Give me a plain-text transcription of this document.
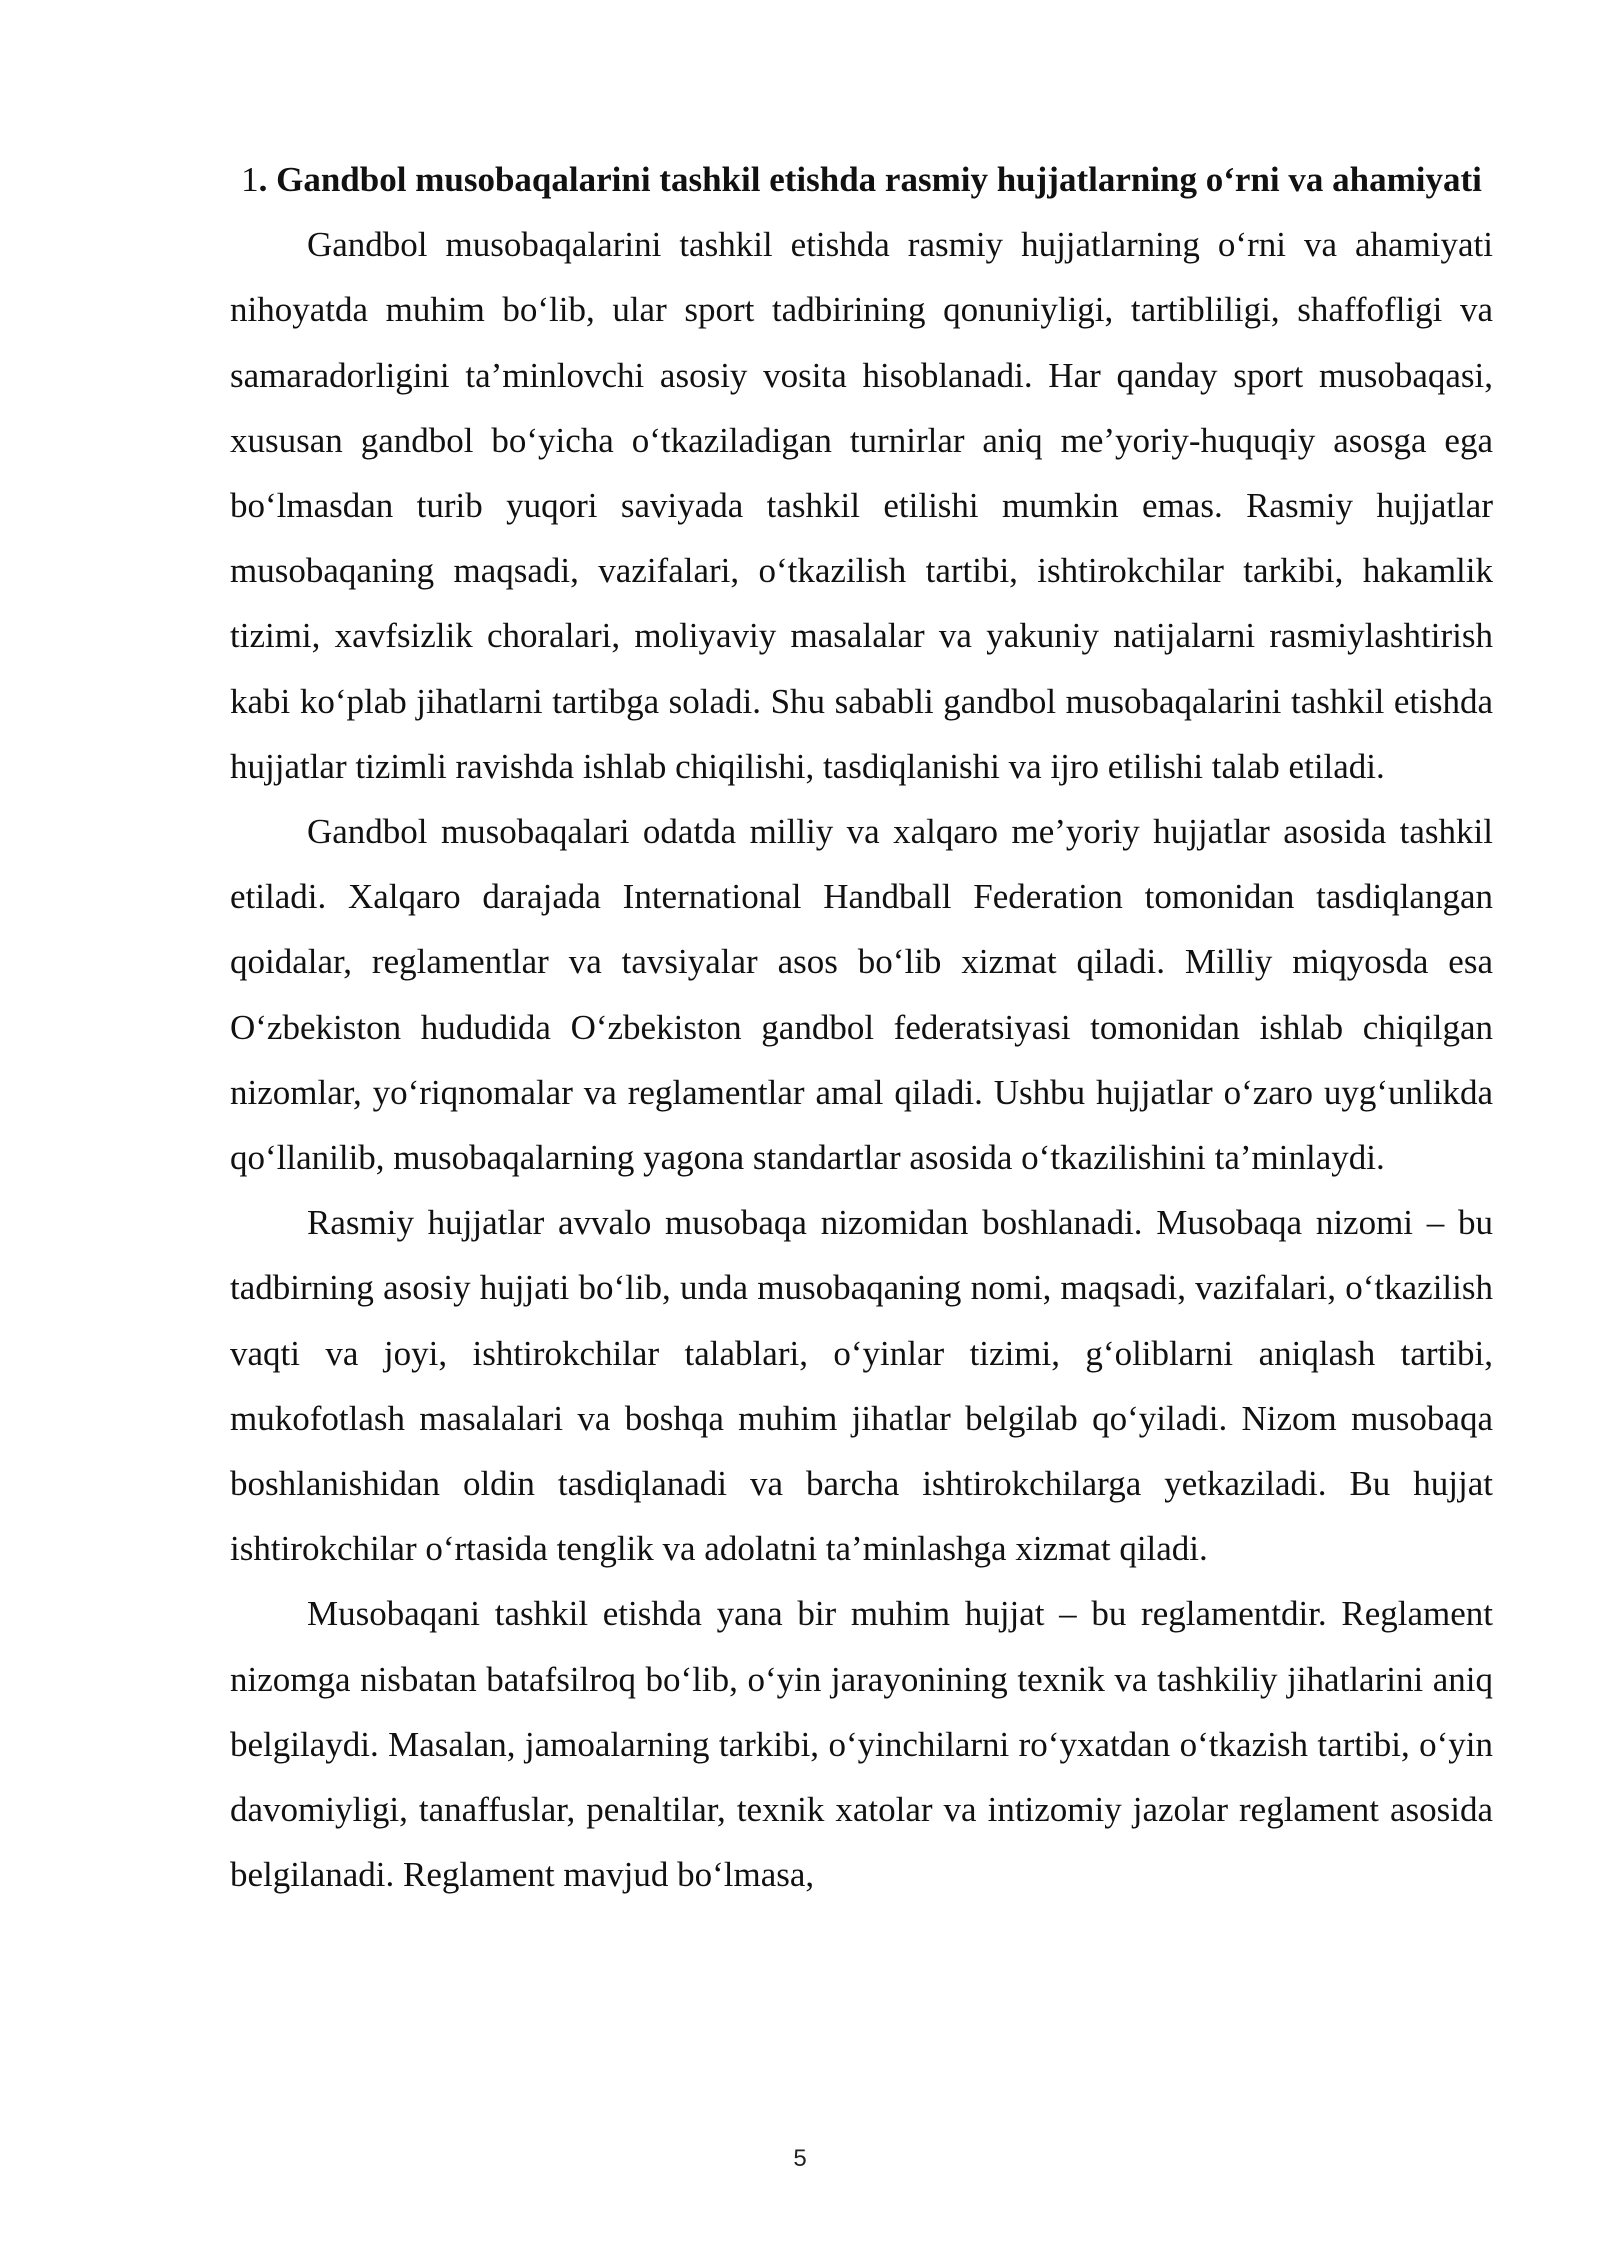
1. Gandbol musobaqalarini tashkil etishda rasmiy hujjatlarning o‘rni va ahamiyati

Gandbol musobaqalarini tashkil etishda rasmiy hujjatlarning o‘rni va ahamiyati nihoyatda muhim bo‘lib, ular sport tadbirining qonuniyligi, tartibliligi, shaffofligi va samaradorligini ta’minlovchi asosiy vosita hisoblanadi. Har qanday sport musobaqasi, xususan gandbol bo‘yicha o‘tkaziladigan turnirlar aniq me’yoriy-huquqiy asosga ega bo‘lmasdan turib yuqori saviyada tashkil etilishi mumkin emas. Rasmiy hujjatlar musobaqaning maqsadi, vazifalari, o‘tkazilish tartibi, ishtirokchilar tarkibi, hakamlik tizimi, xavfsizlik choralari, moliyaviy masalalar va yakuniy natijalarni rasmiylashtirish kabi ko‘plab jihatlarni tartibga soladi. Shu sababli gandbol musobaqalarini tashkil etishda hujjatlar tizimli ravishda ishlab chiqilishi, tasdiqlanishi va ijro etilishi talab etiladi.

Gandbol musobaqalari odatda milliy va xalqaro me’yoriy hujjatlar asosida tashkil etiladi. Xalqaro darajada International Handball Federation tomonidan tasdiqlangan qoidalar, reglamentlar va tavsiyalar asos bo‘lib xizmat qiladi. Milliy miqyosda esa O‘zbekiston hududida O‘zbekiston gandbol federatsiyasi tomonidan ishlab chiqilgan nizomlar, yo‘riqnomalar va reglamentlar amal qiladi. Ushbu hujjatlar o‘zaro uyg‘unlikda qo‘llanilib, musobaqalarning yagona standartlar asosida o‘tkazilishini ta’minlaydi.

Rasmiy hujjatlar avvalo musobaqa nizomidan boshlanadi. Musobaqa nizomi – bu tadbirning asosiy hujjati bo‘lib, unda musobaqaning nomi, maqsadi, vazifalari, o‘tkazilish vaqti va joyi, ishtirokchilar talablari, o‘yinlar tizimi, g‘oliblarni aniqlash tartibi, mukofotlash masalalari va boshqa muhim jihatlar belgilab qo‘yiladi. Nizom musobaqa boshlanishidan oldin tasdiqlanadi va barcha ishtirokchilarga yetkaziladi. Bu hujjat ishtirokchilar o‘rtasida tenglik va adolatni ta’minlashga xizmat qiladi.

Musobaqani tashkil etishda yana bir muhim hujjat – bu reglamentdir. Reglament nizomga nisbatan batafsilroq bo‘lib, o‘yin jarayonining texnik va tashkiliy jihatlarini aniq belgilaydi. Masalan, jamoalarning tarkibi, o‘yinchilarni ro‘yxatdan o‘tkazish tartibi, o‘yin davomiyligi, tanaffuslar, penaltilar, texnik xatolar va intizomiy jazolar reglament asosida belgilanadi. Reglament mavjud bo‘lmasa,

5
